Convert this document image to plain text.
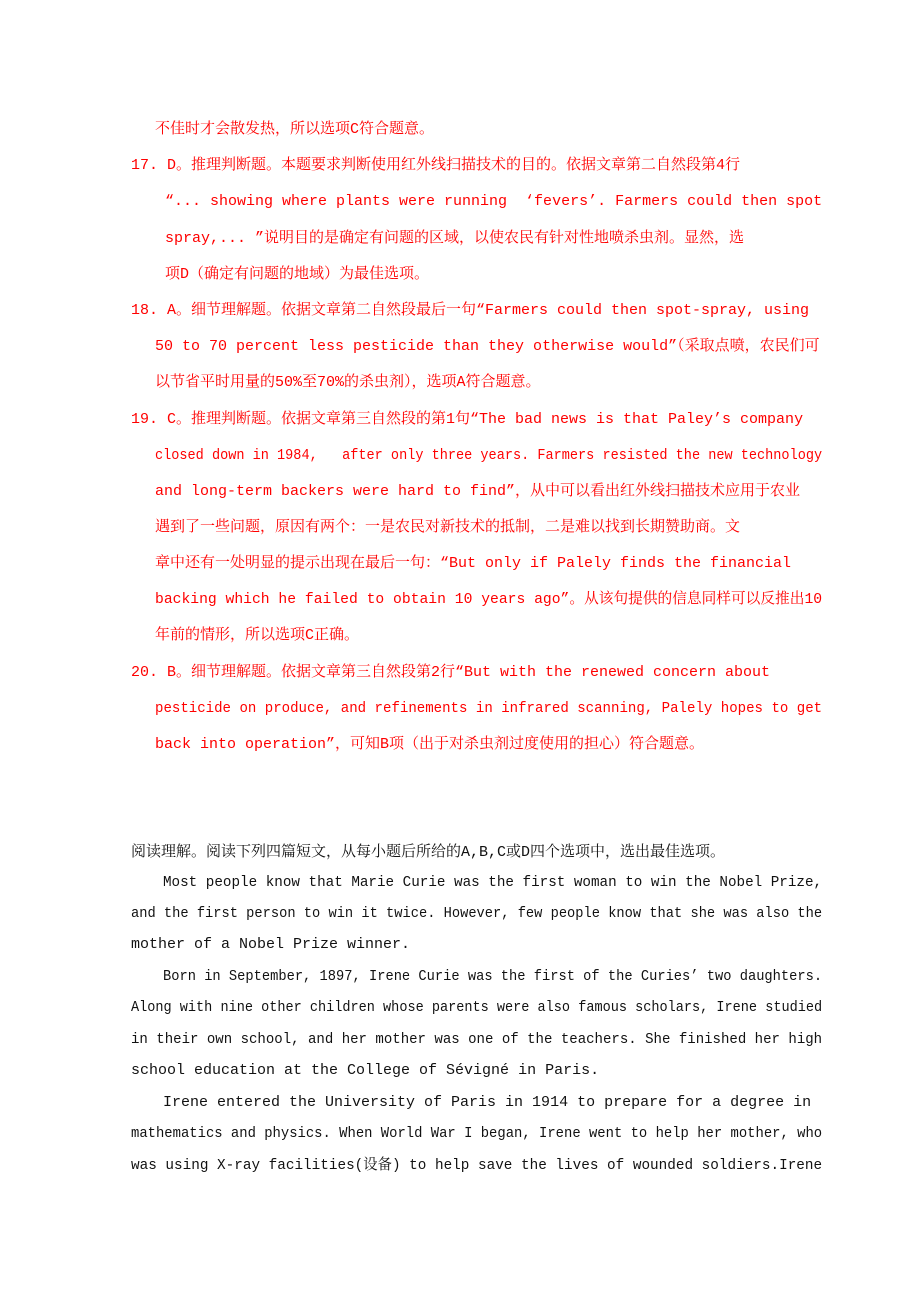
不佳时才会散发热，所以选项C符合题意。
17. D。推理判断题。本题要求判断使用红外线扫描技术的目的。依据文章第二自然段第4行
“... showing where plants were running  ‘fevers’. Farmers could then spot
spray,... ”说明目的是确定有问题的区域，以使农民有针对性地喷杀虫剂。显然，选
项D（确定有问题的地域）为最佳选项。
18. A。细节理解题。依据文章第二自然段最后一句“Farmers could then spot-spray, using
50 to 70 percent less pesticide than they otherwise would”（采取点喷，农民们可
以节省平时用量的50%至70%的杀虫剂），选项A符合题意。
19. C。推理判断题。依据文章第三自然段的第1句“The bad news is that Paley’s company
closed down in 1984,   after only three years. Farmers resisted the new technology
and long-term backers were hard to find”，从中可以看出红外线扫描技术应用于农业
遇到了一些问题，原因有两个：一是农民对新技术的抵制，二是难以找到长期赞助商。文
章中还有一处明显的提示出现在最后一句：“But only if Palely finds the financial
backing which he failed to obtain 10 years ago”。从该句提供的信息同样可以反推出10
年前的情形，所以选项C正确。
20. B。细节理解题。依据文章第三自然段第2行“But with the renewed concern about
pesticide on produce, and refinements in infrared scanning, Palely hopes to get
back into operation”，可知B项（出于对杀虫剂过度使用的担心）符合题意。
阅读理解。阅读下列四篇短文，从每小题后所给的A,B,C或D四个选项中，选出最佳选项。
Most people know that Marie Curie was the first woman to win the Nobel Prize,
and the first person to win it twice. However, few people know that she was also the
mother of a Nobel Prize winner.
Born in September, 1897, Irene Curie was the first of the Curies’ two daughters.
Along with nine other children whose parents were also famous scholars, Irene studied
in their own school, and her mother was one of the teachers. She finished her high
school education at the College of Sévigné in Paris.
Irene entered the University of Paris in 1914 to prepare for a degree in
mathematics and physics. When World War I began, Irene went to help her mother, who
was using X-ray facilities(设备) to help save the lives of wounded soldiers.Irene
